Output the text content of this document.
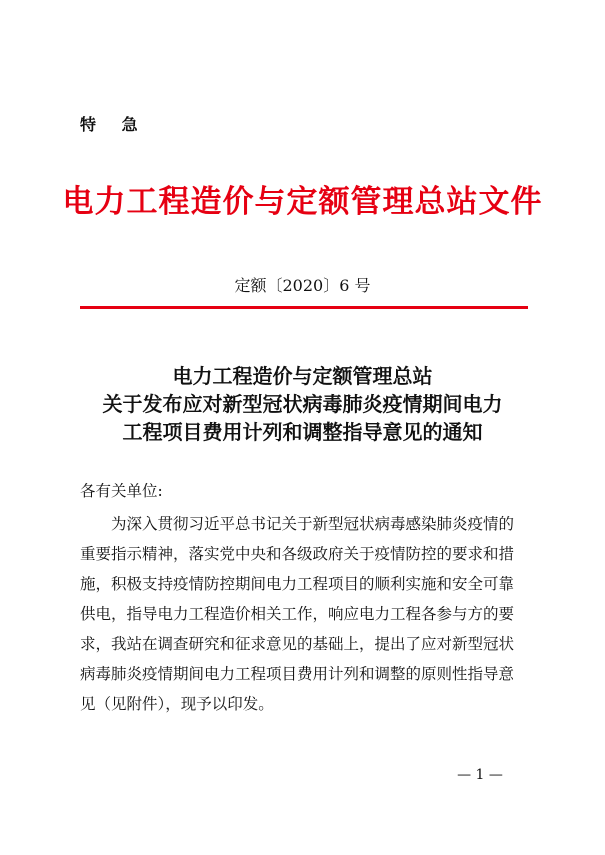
特 急
电力工程造价与定额管理总站文件
定额〔2020〕6 号
电力工程造价与定额管理总站
关于发布应对新型冠状病毒肺炎疫情期间电力
工程项目费用计列和调整指导意见的通知
各有关单位:
为深入贯彻习近平总书记关于新型冠状病毒感染肺炎疫情的
重要指示精神，落实党中央和各级政府关于疫情防控的要求和措
施，积极支持疫情防控期间电力工程项目的顺利实施和安全可靠
供电，指导电力工程造价相关工作，响应电力工程各参与方的要
求，我站在调查研究和征求意见的基础上，提出了应对新型冠状
病毒肺炎疫情期间电力工程项目费用计列和调整的原则性指导意
见（见附件），现予以印发。
— 1 —
